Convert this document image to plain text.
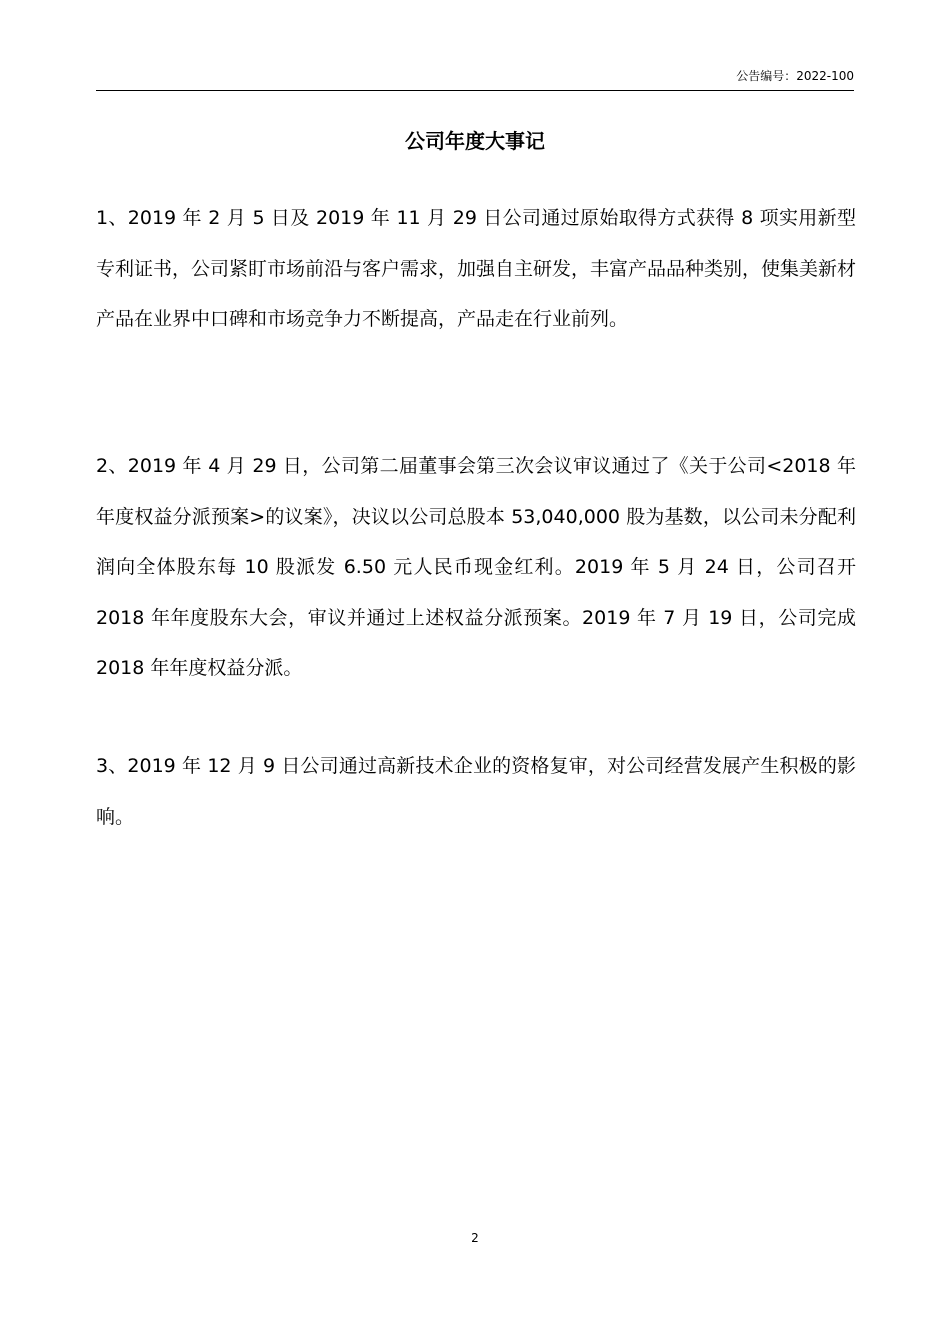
公告编号：2022-100
公司年度大事记

1、2019 年 2 月 5 日及 2019 年 11 月 29 日公司通过原始取得方式获得 8 项实用新型专利证书，公司紧盯市场前沿与客户需求，加强自主研发，丰富产品品种类别，使集美新材产品在业界中口碑和市场竞争力不断提高，产品走在行业前列。

2、2019 年 4 月 29 日，公司第二届董事会第三次会议审议通过了《关于公司<2018 年年度权益分派预案>的议案》，决议以公司总股本 53,040,000 股为基数，以公司未分配利润向全体股东每 10 股派发 6.50 元人民币现金红利。2019 年 5 月 24 日，公司召开 2018 年年度股东大会，审议并通过上述权益分派预案。2019 年 7 月 19 日，公司完成 2018 年年度权益分派。

3、2019 年 12 月 9 日公司通过高新技术企业的资格复审，对公司经营发展产生积极的影响。

2
